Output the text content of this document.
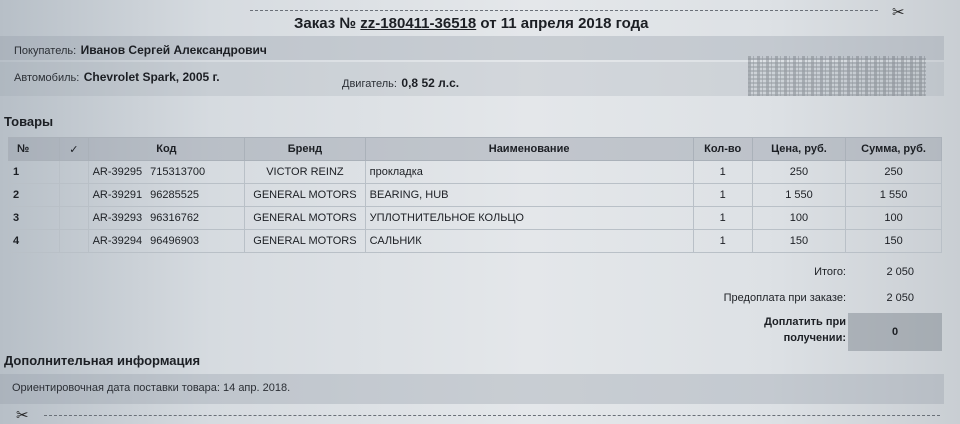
✂
Заказ № zz-180411-36518 от 11 апреля 2018 года
Покупатель: Иванов Сергей Александрович
Автомобиль: Chevrolet Spark, 2005 г.	Двигатель: 0,8 52 л.с.
Товары
№	✓	Код	Бренд	Наименование	Кол-во	Цена, руб.	Сумма, руб.
1		AR-39295 715313700	VICTOR REINZ	прокладка	1	250	250
2		AR-39291 96285525	GENERAL MOTORS	BEARING, HUB	1	1 550	1 550
3		AR-39293 96316762	GENERAL MOTORS	УПЛОТНИТЕЛЬНОЕ КОЛЬЦО	1	100	100
4		AR-39294 96496903	GENERAL MOTORS	САЛЬНИК	1	150	150
Итого:	2 050
Предоплата при заказе:	2 050
Доплатить при
получении:	0
Дополнительная информация
Ориентировочная дата поставки товара: 14 апр. 2018.
✂
